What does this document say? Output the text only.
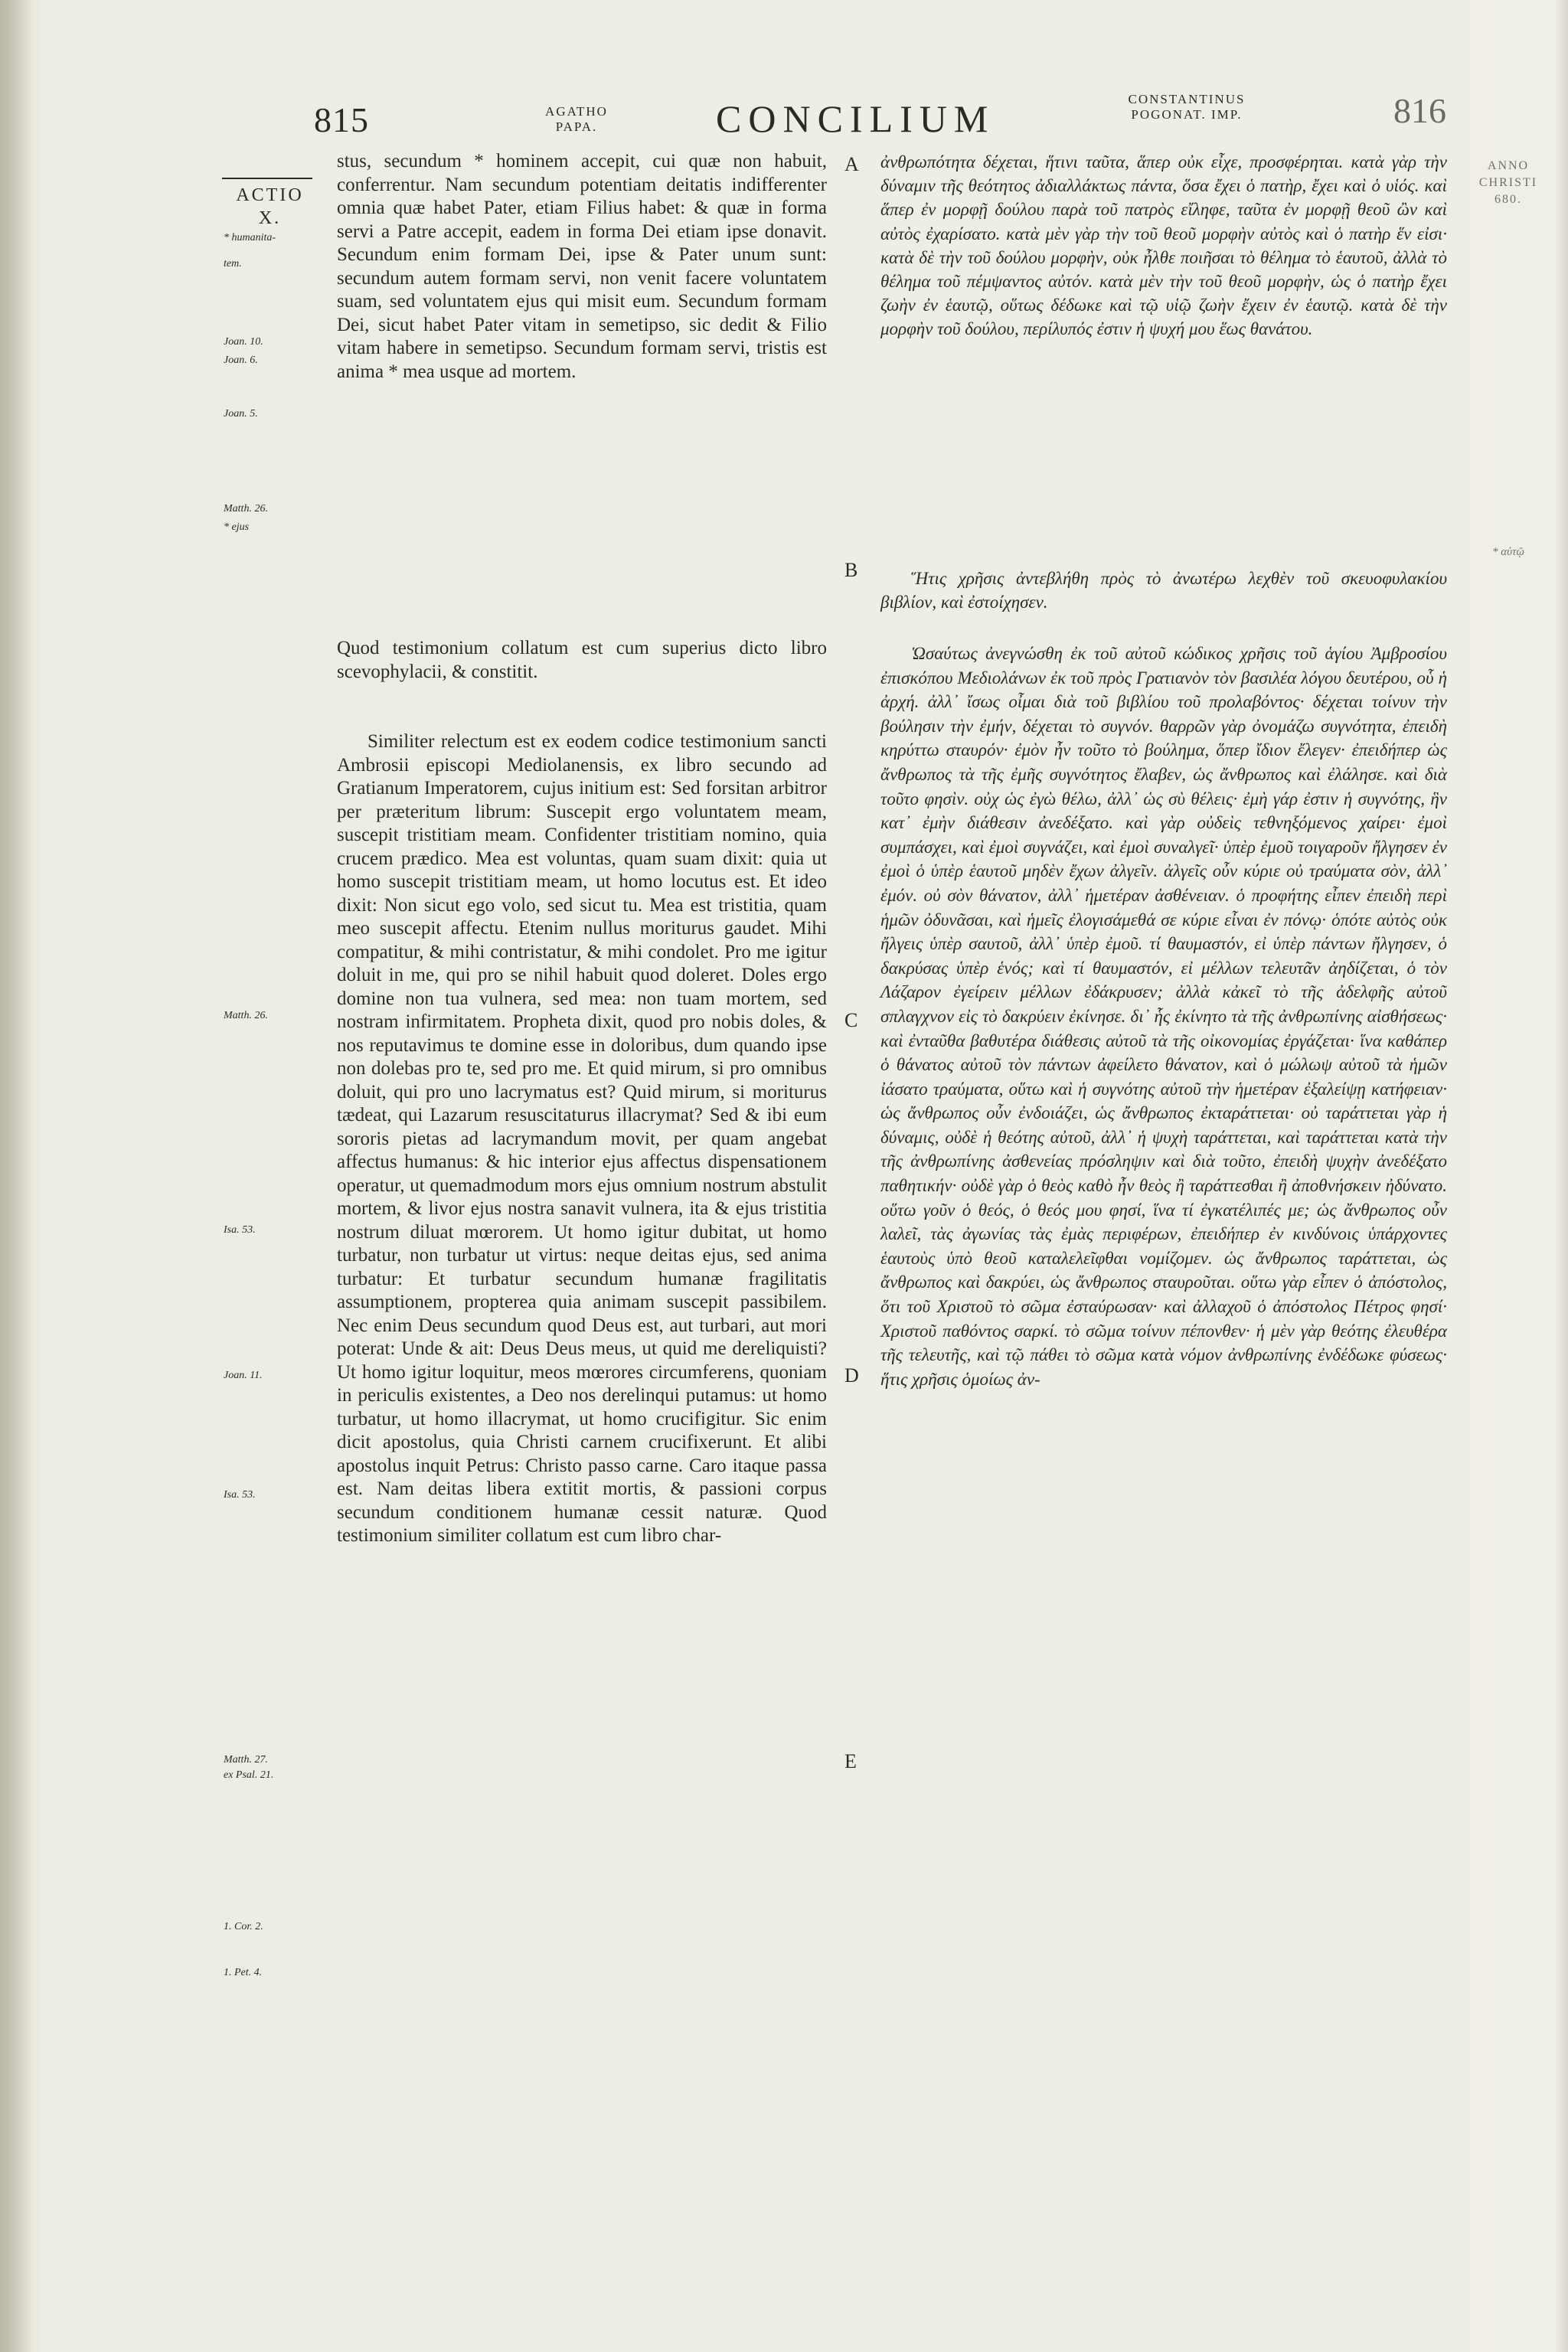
815	AGATHO
PAPA.	CONCILIUM	CONSTANTINUS
POGONAT. IMP.	816
ACTIO
X.
* humanita-
tem.
Joan. 10.
Joan. 6.
Joan. 5.
Matth. 26.
* ejus
Matth. 26.
Isa. 53.
Joan. 11.
Isa. 53.
Matth. 27.
ex Psal. 21.
1. Cor. 2.
1. Pet. 4.
ANNO
CHRISTI
680.
* αὐτῷ
A
B
C
D
E

stus, secundum * hominem accepit, cui quæ non habuit, conferrentur. Nam secundum potentiam deitatis indifferenter omnia quæ habet Pater, etiam Filius habet: & quæ in forma servi a Patre accepit, eadem in forma Dei etiam ipse donavit. Secundum enim formam Dei, ipse & Pater unum sunt: secundum autem formam servi, non venit facere voluntatem suam, sed voluntatem ejus qui misit eum. Secundum formam Dei, sicut habet Pater vitam in semetipso, sic dedit & Filio vitam habere in semetipso. Secundum formam servi, tristis est anima * mea usque ad mortem.

Quod testimonium collatum est cum superius dicto libro scevophylacii, & constitit.

Similiter relectum est ex eodem codice testimonium sancti Ambrosii episcopi Mediolanensis, ex libro secundo ad Gratianum Imperatorem, cujus initium est: Sed forsitan arbitror per præteritum librum: Suscepit ergo voluntatem meam, suscepit tristitiam meam. Confidenter tristitiam nomino, quia crucem prædico. Mea est voluntas, quam suam dixit: quia ut homo suscepit tristitiam meam, ut homo locutus est. Et ideo dixit: Non sicut ego volo, sed sicut tu. Mea est tristitia, quam meo suscepit affectu. Etenim nullus moriturus gaudet. Mihi compatitur, & mihi contristatur, & mihi condolet. Pro me igitur doluit in me, qui pro se nihil habuit quod doleret. Doles ergo domine non tua vulnera, sed mea: non tuam mortem, sed nostram infirmitatem. Propheta dixit, quod pro nobis doles, & nos reputavimus te domine esse in doloribus, dum quando ipse non dolebas pro te, sed pro me. Et quid mirum, si pro omnibus doluit, qui pro uno lacrymatus est? Quid mirum, si moriturus tædeat, qui Lazarum resuscitaturus illacrymat? Sed & ibi eum sororis pietas ad lacrymandum movit, per quam angebat affectus humanus: & hic interior ejus affectus dispensationem operatur, ut quemadmodum mors ejus omnium nostrum abstulit mortem, & livor ejus nostra sanavit vulnera, ita & ejus tristitia nostrum diluat mœrorem. Ut homo igitur dubitat, ut homo turbatur, non turbatur ut virtus: neque deitas ejus, sed anima turbatur: Et turbatur secundum humanæ fragilitatis assumptionem, propterea quia animam suscepit passibilem. Nec enim Deus secundum quod Deus est, aut turbari, aut mori poterat: Unde & ait: Deus Deus meus, ut quid me dereliquisti? Ut homo igitur loquitur, meos mœrores circumferens, quoniam in periculis existentes, a Deo nos derelinqui putamus: ut homo turbatur, ut homo illacrymat, ut homo crucifigitur. Sic enim dicit apostolus, quia Christi carnem crucifixerunt. Et alibi apostolus inquit Petrus: Christo passo carne. Caro itaque passa est. Nam deitas libera extitit mortis, & passioni corpus secundum conditionem humanæ cessit naturæ. Quod testimonium similiter collatum est cum libro char-

ἀνθρωπότητα δέχεται, ἥτινι ταῦτα, ἅπερ οὐκ εἶχε, προσφέρηται. κατὰ γὰρ τὴν δύναμιν τῆς θεότητος ἀδιαλλάκτως πάντα, ὅσα ἔχει ὁ πατὴρ, ἔχει καὶ ὁ υἱός. καὶ ἅπερ ἐν μορφῇ δούλου παρὰ τοῦ πατρὸς εἴληφε, ταῦτα ἐν μορφῇ θεοῦ ὢν καὶ αὐτὸς ἐχαρίσατο. κατὰ μὲν γὰρ τὴν τοῦ θεοῦ μορφὴν αὐτὸς καὶ ὁ πατὴρ ἕν εἰσι· κατὰ δὲ τὴν τοῦ δούλου μορφὴν, οὐκ ἦλθε ποιῆσαι τὸ θέλημα τὸ ἑαυτοῦ, ἀλλὰ τὸ θέλημα τοῦ πέμψαντος αὐτόν. κατὰ μὲν τὴν τοῦ θεοῦ μορφὴν, ὡς ὁ πατὴρ ἔχει ζωὴν ἐν ἑαυτῷ, οὕτως δέδωκε καὶ τῷ υἱῷ ζωὴν ἔχειν ἐν ἑαυτῷ. κατὰ δὲ τὴν μορφὴν τοῦ δούλου, περίλυπός ἐστιν ἡ ψυχή μου ἕως θανάτου.

Ἥτις χρῆσις ἀντεβλήθη πρὸς τὸ ἀνωτέρω λεχθὲν τοῦ σκευοφυλακίου βιβλίον, καὶ ἐστοίχησεν.

Ὡσαύτως ἀνεγνώσθη ἐκ τοῦ αὐτοῦ κώδικος χρῆσις τοῦ ἁγίου Ἀμβροσίου ἐπισκόπου Μεδιολάνων ἐκ τοῦ πρὸς Γρατιανὸν τὸν βασιλέα λόγου δευτέρου, οὗ ἡ ἀρχή. ἀλλ᾽ ἴσως οἶμαι διὰ τοῦ βιβλίου τοῦ προλαβόντος· δέχεται τοίνυν τὴν βούλησιν τὴν ἐμήν, δέχεται τὸ συγνόν. θαρρῶν γὰρ ὀνομάζω συγνότητα, ἐπειδὴ κηρύττω σταυρόν· ἐμὸν ἦν τοῦτο τὸ βούλημα, ὅπερ ἴδιον ἔλεγεν· ἐπειδήπερ ὡς ἄνθρωπος τὰ τῆς ἐμῆς συγνότητος ἔλαβεν, ὡς ἄνθρωπος καὶ ἐλάλησε. καὶ διὰ τοῦτο φησὶν. οὐχ ὡς ἐγὼ θέλω, ἀλλ᾽ ὡς σὺ θέλεις· ἐμὴ γάρ ἐστιν ἡ συγνότης, ἣν κατ᾽ ἐμὴν διάθεσιν ἀνεδέξατο. καὶ γὰρ οὐδεὶς τεθνηξόμενος χαίρει· ἐμοὶ συμπάσχει, καὶ ἐμοὶ συγνάζει, καὶ ἐμοὶ συναλγεῖ· ὑπὲρ ἐμοῦ τοιγαροῦν ἤλγησεν ἐν ἐμοὶ ὁ ὑπὲρ ἑαυτοῦ μηδὲν ἔχων ἀλγεῖν. ἀλγεῖς οὖν κύριε οὐ τραύματα σὸν, ἀλλ᾽ ἐμόν. οὐ σὸν θάνατον, ἀλλ᾽ ἡμετέραν ἀσθένειαν. ὁ προφήτης εἶπεν ἐπειδὴ περὶ ἡμῶν ὀδυνᾶσαι, καὶ ἡμεῖς ἐλογισάμεθά σε κύριε εἶναι ἐν πόνῳ· ὁπότε αὐτὸς οὐκ ἤλγεις ὑπὲρ σαυτοῦ, ἀλλ᾽ ὑπὲρ ἐμοῦ. τί θαυμαστόν, εἰ ὑπὲρ πάντων ἤλγησεν, ὁ δακρύσας ὑπὲρ ἑνός; καὶ τί θαυμαστόν, εἰ μέλλων τελευτᾶν ἀηδίζεται, ὁ τὸν Λάζαρον ἐγείρειν μέλλων ἐδάκρυσεν; ἀλλὰ κἀκεῖ τὸ τῆς ἀδελφῆς αὐτοῦ σπλαγχνον εἰς τὸ δακρύειν ἐκίνησε. δι᾽ ἧς ἐκίνητο τὰ τῆς ἀνθρωπίνης αἰσθήσεως· καὶ ἐνταῦθα βαθυτέρα διάθεσις αὐτοῦ τὰ τῆς οἰκονομίας ἐργάζεται· ἵνα καθάπερ ὁ θάνατος αὐτοῦ τὸν πάντων ἀφείλετο θάνατον, καὶ ὁ μώλωψ αὐτοῦ τὰ ἡμῶν ἰάσατο τραύματα, οὕτω καὶ ἡ συγνότης αὐτοῦ τὴν ἡμετέραν ἐξαλείψῃ κατήφειαν· ὡς ἄνθρωπος οὖν ἐνδοιάζει, ὡς ἄνθρωπος ἐκταράττεται· οὐ ταράττεται γὰρ ἡ δύναμις, οὐδὲ ἡ θεότης αὐτοῦ, ἀλλ᾽ ἡ ψυχὴ ταράττεται, καὶ ταράττεται κατὰ τὴν τῆς ἀνθρωπίνης ἀσθενείας πρόσληψιν καὶ διὰ τοῦτο, ἐπειδὴ ψυχὴν ἀνεδέξατο παθητικήν· οὐδὲ γὰρ ὁ θεὸς καθὸ ἦν θεὸς ἢ ταράττεσθαι ἢ ἀποθνήσκειν ἠδύνατο. οὕτω γοῦν ὁ θεός, ὁ θεός μου φησί, ἵνα τί ἐγκατέλιπές με; ὡς ἄνθρωπος οὖν λαλεῖ, τὰς ἀγωνίας τὰς ἐμὰς περιφέρων, ἐπειδήπερ ἐν κινδύνοις ὑπάρχοντες ἑαυτοὺς ὑπὸ θεοῦ καταλελεῖφθαι νομίζομεν. ὡς ἄνθρωπος ταράττεται, ὡς ἄνθρωπος καὶ δακρύει, ὡς ἄνθρωπος σταυροῦται. οὕτω γὰρ εἶπεν ὁ ἀπόστολος, ὅτι τοῦ Χριστοῦ τὸ σῶμα ἐσταύρωσαν· καὶ ἀλλαχοῦ ὁ ἀπόστολος Πέτρος φησί· Χριστοῦ παθόντος σαρκί. τὸ σῶμα τοίνυν πέπονθεν· ἡ μὲν γὰρ θεότης ἐλευθέρα τῆς τελευτῆς, καὶ τῷ πάθει τὸ σῶμα κατὰ νόμον ἀνθρωπίνης ἐνδέδωκε φύσεως· ἥτις χρῆσις ὁμοίως ἀν-
